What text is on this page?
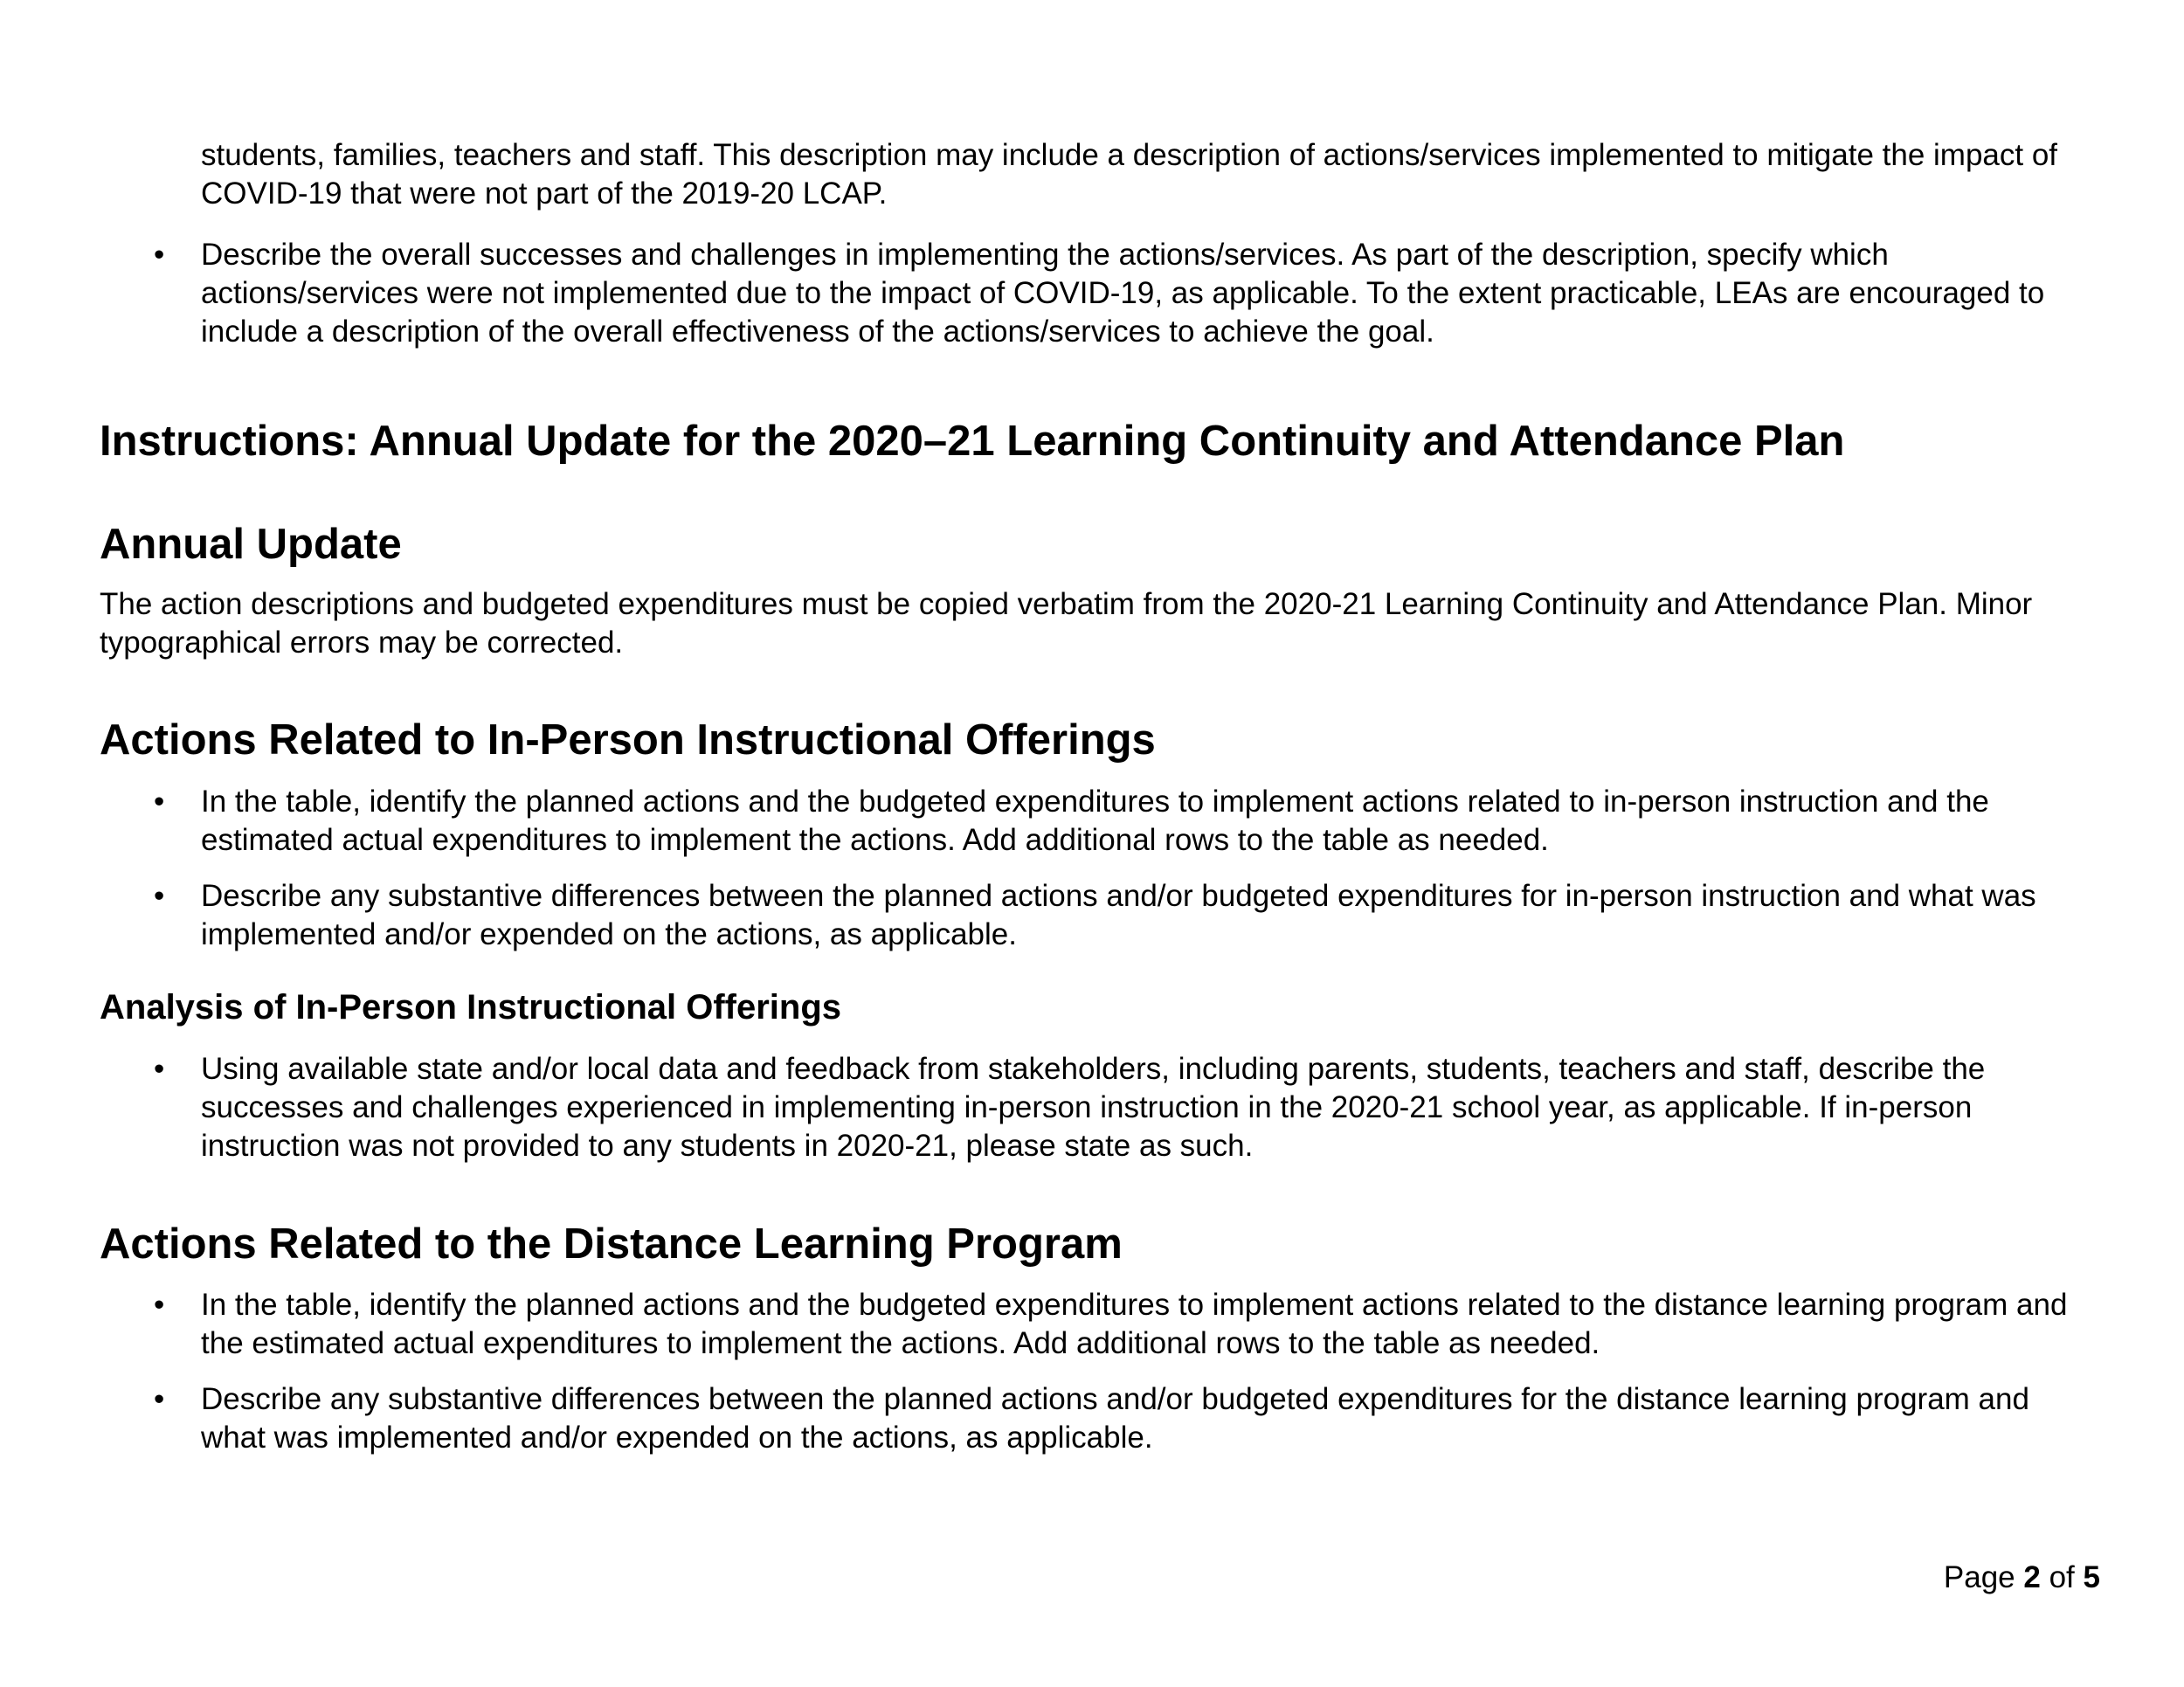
students, families, teachers and staff. This description may include a description of actions/services implemented to mitigate the impact of COVID-19 that were not part of the 2019-20 LCAP.

• Describe the overall successes and challenges in implementing the actions/services. As part of the description, specify which actions/services were not implemented due to the impact of COVID-19, as applicable. To the extent practicable, LEAs are encouraged to include a description of the overall effectiveness of the actions/services to achieve the goal.
Instructions: Annual Update for the 2020–21 Learning Continuity and Attendance Plan
Annual Update

The action descriptions and budgeted expenditures must be copied verbatim from the 2020-21 Learning Continuity and Attendance Plan. Minor typographical errors may be corrected.

Actions Related to In-Person Instructional Offerings
• In the table, identify the planned actions and the budgeted expenditures to implement actions related to in-person instruction and the estimated actual expenditures to implement the actions. Add additional rows to the table as needed.
• Describe any substantive differences between the planned actions and/or budgeted expenditures for in-person instruction and what was implemented and/or expended on the actions, as applicable.
Analysis of In-Person Instructional Offerings
• Using available state and/or local data and feedback from stakeholders, including parents, students, teachers and staff, describe the successes and challenges experienced in implementing in-person instruction in the 2020-21 school year, as applicable. If in-person instruction was not provided to any students in 2020-21, please state as such.
Actions Related to the Distance Learning Program
• In the table, identify the planned actions and the budgeted expenditures to implement actions related to the distance learning program and the estimated actual expenditures to implement the actions. Add additional rows to the table as needed.
• Describe any substantive differences between the planned actions and/or budgeted expenditures for the distance learning program and what was implemented and/or expended on the actions, as applicable.
Page 2 of 5
